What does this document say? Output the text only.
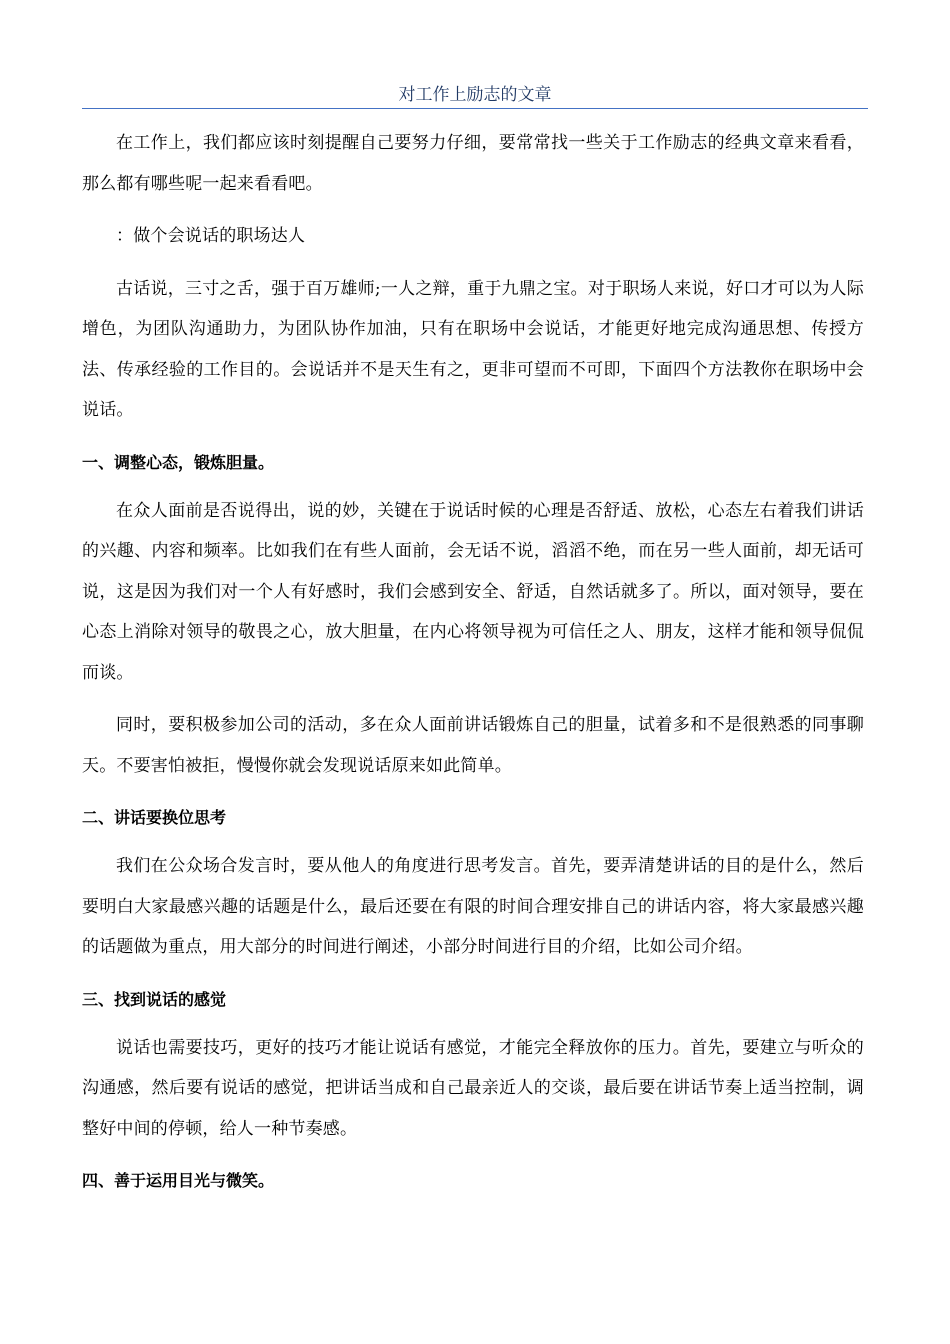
对工作上励志的文章

在工作上，我们都应该时刻提醒自己要努力仔细，要常常找一些关于工作励志的经典文章来看看，那么都有哪些呢一起来看看吧。

：做个会说话的职场达人

古话说，三寸之舌，强于百万雄师;一人之辩，重于九鼎之宝。对于职场人来说，好口才可以为人际增色，为团队沟通助力，为团队协作加油，只有在职场中会说话，才能更好地完成沟通思想、传授方法、传承经验的工作目的。会说话并不是天生有之，更非可望而不可即，下面四个方法教你在职场中会说话。

一、调整心态，锻炼胆量。

在众人面前是否说得出，说的妙，关键在于说话时候的心理是否舒适、放松，心态左右着我们讲话的兴趣、内容和频率。比如我们在有些人面前，会无话不说，滔滔不绝，而在另一些人面前，却无话可说，这是因为我们对一个人有好感时，我们会感到安全、舒适，自然话就多了。所以，面对领导，要在心态上消除对领导的敬畏之心，放大胆量，在内心将领导视为可信任之人、朋友，这样才能和领导侃侃而谈。

同时，要积极参加公司的活动，多在众人面前讲话锻炼自己的胆量，试着多和不是很熟悉的同事聊天。不要害怕被拒，慢慢你就会发现说话原来如此简单。

二、讲话要换位思考

我们在公众场合发言时，要从他人的角度进行思考发言。首先，要弄清楚讲话的目的是什么，然后要明白大家最感兴趣的话题是什么，最后还要在有限的时间合理安排自己的讲话内容，将大家最感兴趣的话题做为重点，用大部分的时间进行阐述，小部分时间进行目的介绍，比如公司介绍。

三、找到说话的感觉

说话也需要技巧，更好的技巧才能让说话有感觉，才能完全释放你的压力。首先，要建立与听众的沟通感，然后要有说话的感觉，把讲话当成和自己最亲近人的交谈，最后要在讲话节奏上适当控制，调整好中间的停顿，给人一种节奏感。

四、善于运用目光与微笑。
